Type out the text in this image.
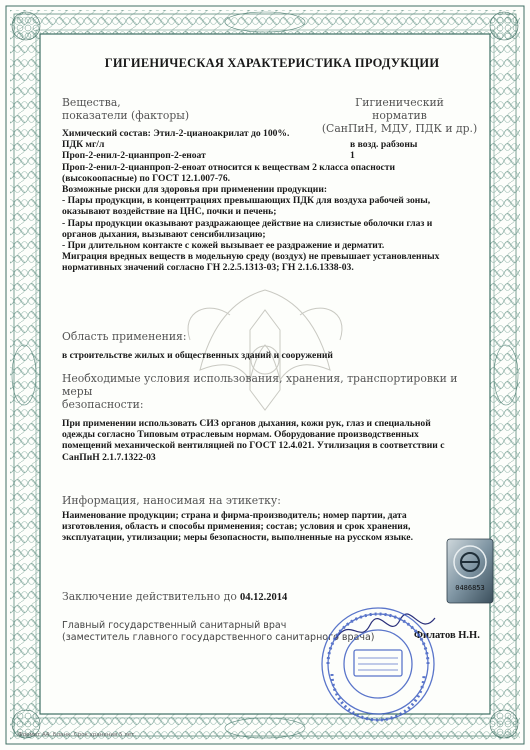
ГИГИЕНИЧЕСКАЯ ХАРАКТЕРИСТИКА ПРОДУКЦИИ

Вещества,

показатели (факторы)

Гигиенический

норматив

(СанПиН, МДУ, ПДК и др.)

Химический состав: Этил-2-цианоакрилат до 100%.

ПДК мг/л

Проп-2-енил-2-цианпроп-2-еноат

Проп-2-енил-2-цианпроп-2-еноат относится к веществам 2 класса опасности

(высокоопасные) по ГОСТ 12.1.007-76.

Возможные риски для здоровья при применении продукции:

- Пары продукции, в концентрациях превышающих ПДК для воздуха рабочей зоны,

оказывают воздействие на ЦНС, почки и печень;

- Пары продукции оказывают раздражающее действие на слизистые оболочки глаз и

органов дыхания, вызывают сенсибилизацию;

- При длительном контакте с кожей вызывает ее раздражение и дерматит.

Миграция вредных веществ в модельную среду (воздух) не превышает установленных

нормативных значений согласно ГН 2.2.5.1313-03; ГН 2.1.6.1338-03.

в возд. рабзоны

1

Область применения:
в строительстве жилых и общественных зданий и сооружений

Необходимые условия использования, хранения, транспортировки и меры

безопасности:

При применении использовать СИЗ органов дыхания, кожи рук, глаз и специальной

одежды согласно Типовым отраслевым нормам. Оборудование производственных

помещений механической вентиляцией по ГОСТ 12.4.021. Утилизация в соответствии с

СанПиН 2.1.7.1322-03

Информация, наносимая на этикетку:

Наименование продукции; страна и фирма-производитель; номер партии, дата

изготовления, область и способы применения; состав; условия и срок хранения,

эксплуатации, утилизации; меры безопасности, выполненные на русском языке.

Заключение действительно до 04.12.2014

Главный государственный санитарный врач

(заместитель главного государственного санитарного врача)	Филатов Н.Н.
0486853
Формат А4. Бланк. Срок хранения 5 лет.
